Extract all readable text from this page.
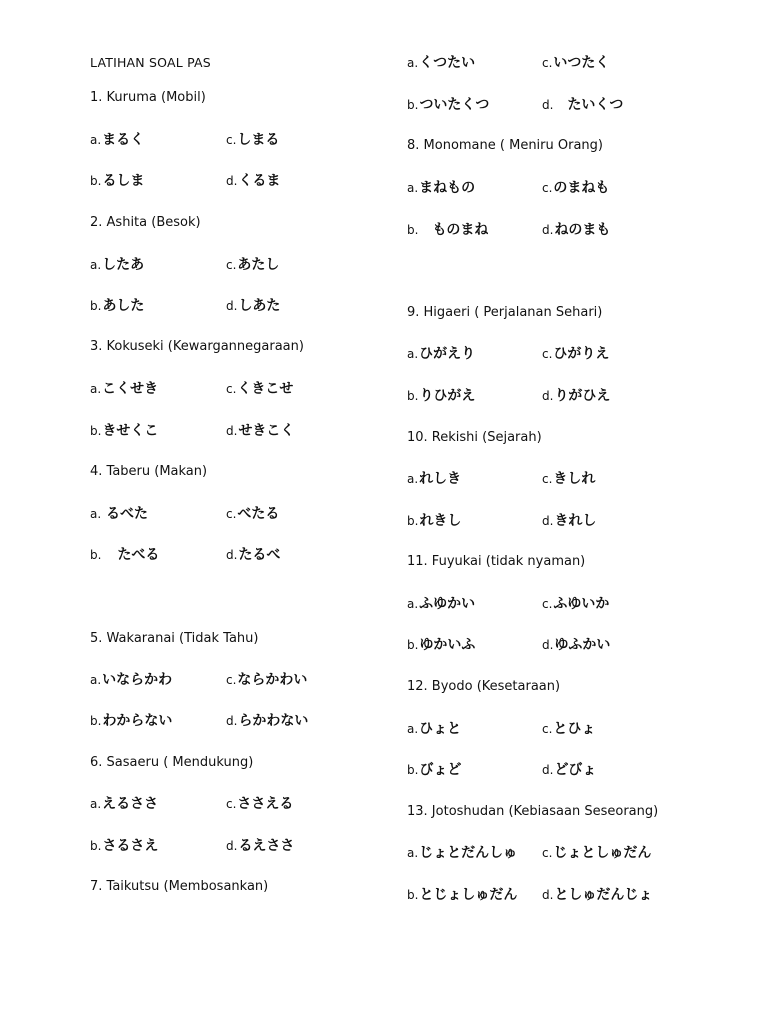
LATIHAN SOAL PAS
1. Kuruma (Mobil)
a.まるく	c.しまる
b.るしま	d.くるま
2. Ashita (Besok)
a.したあ	c.あたし
b.あした	d.しあた
3. Kokuseki (Kewargannegaraan)
a.こくせき	c.くきこせ
b.きせくこ	d.せきこく
4. Taberu (Makan)
a. るべた	c.べたる
b. たべる	d.たるべ
5. Wakaranai (Tidak Tahu)
a.いならかわ	c.ならかわい
b.わからない	d.らかわない
6. Sasaeru ( Mendukung)
a.えるささ	c.ささえる
b.さるさえ	d.るえささ
7. Taikutsu (Membosankan)
a.くつたい	c.いつたく
b.ついたくつ	d. たいくつ
8. Monomane ( Meniru Orang)
a.まねもの	c.のまねも
b. ものまね	d.ねのまも
9. Higaeri ( Perjalanan Sehari)
a.ひがえり	c.ひがりえ
b.りひがえ	d.りがひえ
10. Rekishi (Sejarah)
a.れしき	c.きしれ
b.れきし	d.きれし
11. Fuyukai (tidak nyaman)
a.ふゆかい	c.ふゆいか
b.ゆかいふ	d.ゆふかい
12. Byodo (Kesetaraan)
a.ひょと	c.とひょ
b.びょど	d.どびょ
13. Jotoshudan (Kebiasaan Seseorang)
a.じょとだんしゅ c.じょとしゅだん
b.とじょしゅだん d.としゅだんじょ
